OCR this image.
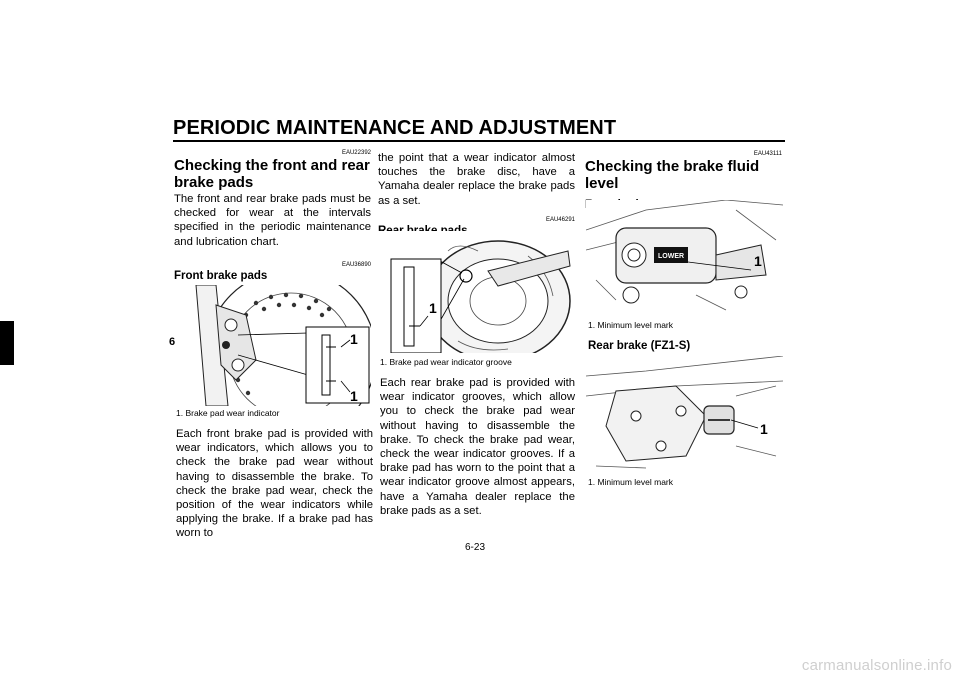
PERIODIC MAINTENANCE AND ADJUSTMENT
6
EAU22392
Checking the front and rear brake pads
The front and rear brake pads must be checked for wear at the intervals specified in the periodic maintenance and lubrication chart.
EAU36890
Front brake pads
1
1
1. Brake pad wear indicator
Each front brake pad is provided with wear indicators, which allows you to check the brake pad wear without having to disassemble the brake. To check the brake pad wear, check the position of the wear indicators while applying the brake. If a brake pad has worn to
the point that a wear indicator almost touches the brake disc, have a Yamaha dealer replace the brake pads as a set.
EAU46291
1
1. Brake pad wear indicator groove
Each rear brake pad is provided with wear indicator grooves, which allow you to check the brake pad wear without having to disassemble the brake. To check the brake pad wear, check the wear indicator grooves. If a brake pad has worn to the point that a wear indicator groove almost appears, have a Yamaha dealer replace the brake pads as a set.
EAU43111
Checking the brake fluid level
LOWER	1
1. Minimum level mark
Rear brake (FZ1-S)
1
1. Minimum level mark
6-23
carmanualsonline.info
